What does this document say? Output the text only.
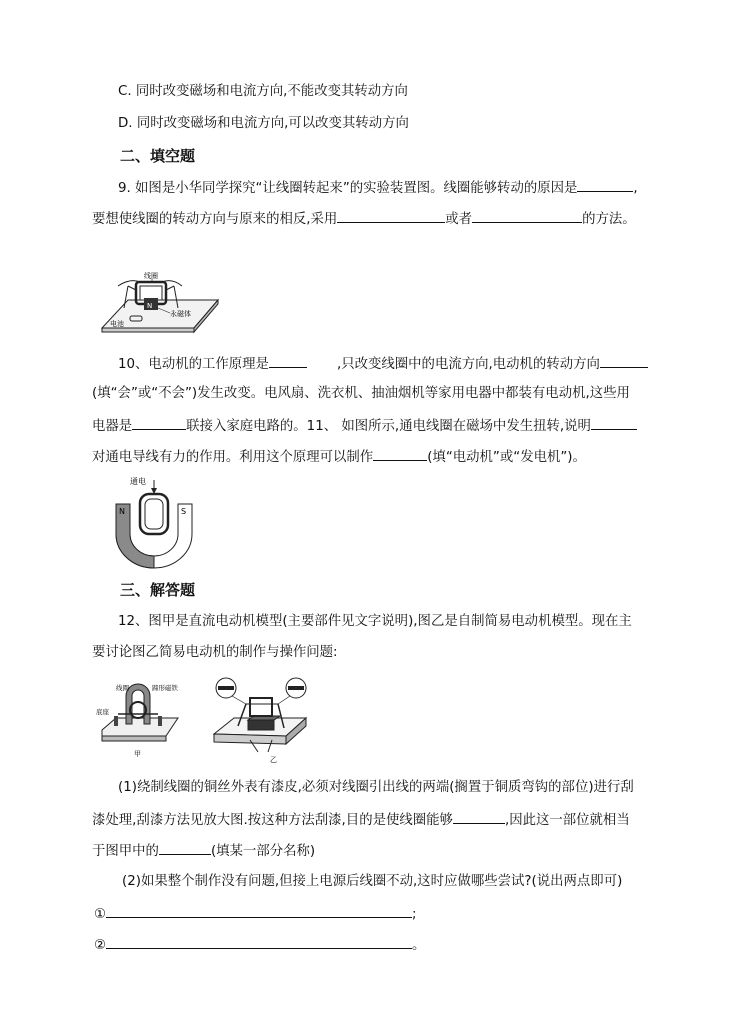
C. 同时改变磁场和电流方向,不能改变其转动方向
D. 同时改变磁场和电流方向,可以改变其转动方向
二、填空题
9. 如图是小华同学探究“让线圈转起来”的实验装置图。线圈能够转动的原因是	,
要想使线圈的转动方向与原来的相反,采用	或者	的方法。
N
线圈
永磁体
电池
10、电动机的工作原理是	,只改变线圈中的电流方向,电动机的转动方向
(填“会”或“不会”)发生改变。电风扇、洗衣机、抽油烟机等家用电器中都装有电动机,这些用
电器是	联接入家庭电路的。11、 如图所示,通电线圈在磁场中发生扭转,说明
对通电导线有力的作用。利用这个原理可以制作	(填“电动机”或“发电机”)。
N	S
通电
三、解答题
12、图甲是直流电动机模型(主要部件见文字说明),图乙是自制简易电动机模型。现在主
要讨论图乙简易电动机的制作与操作问题:
线圈	蹄形磁铁
底座
甲
乙
(1)绕制线圈的铜丝外表有漆皮,必须对线圈引出线的两端(搁置于铜质弯钩的部位)进行刮
漆处理,刮漆方法见放大图.按这种方法刮漆,目的是使线圈能够	,因此这一部位就相当
于图甲中的	(填某一部分名称)
(2)如果整个制作没有问题,但接上电源后线圈不动,这时应做哪些尝试?(说出两点即可)
①	;
②	。
